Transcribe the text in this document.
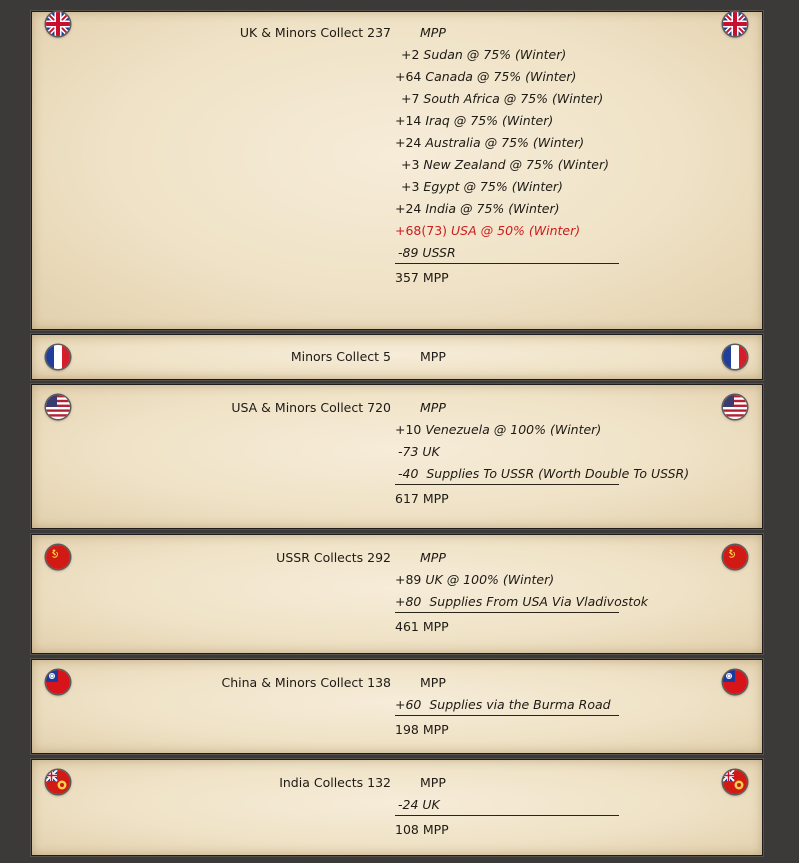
UK & Minors Collect 237 MPP
+2 Sudan @ 75% (Winter)
+64 Canada @ 75% (Winter)
+7 South Africa @ 75% (Winter)
+14 Iraq @ 75% (Winter)
+24 Australia @ 75% (Winter)
+3 New Zealand @ 75% (Winter)
+3 Egypt @ 75% (Winter)
+24 India @ 75% (Winter)
+68(73) USA @ 50% (Winter)
-89 USSR
357 MPP
Minors Collect 5 MPP
USA & Minors Collect 720 MPP
+10 Venezuela @ 100% (Winter)
-73 UK
-40 Supplies To USSR (Worth Double To USSR)
617 MPP
USSR Collects 292 MPP
+89 UK @ 100% (Winter)
+80 Supplies From USA Via Vladivostok
461 MPP
China & Minors Collect 138 MPP
+60 Supplies via the Burma Road
198 MPP
India Collects 132 MPP
-24 UK
108 MPP
